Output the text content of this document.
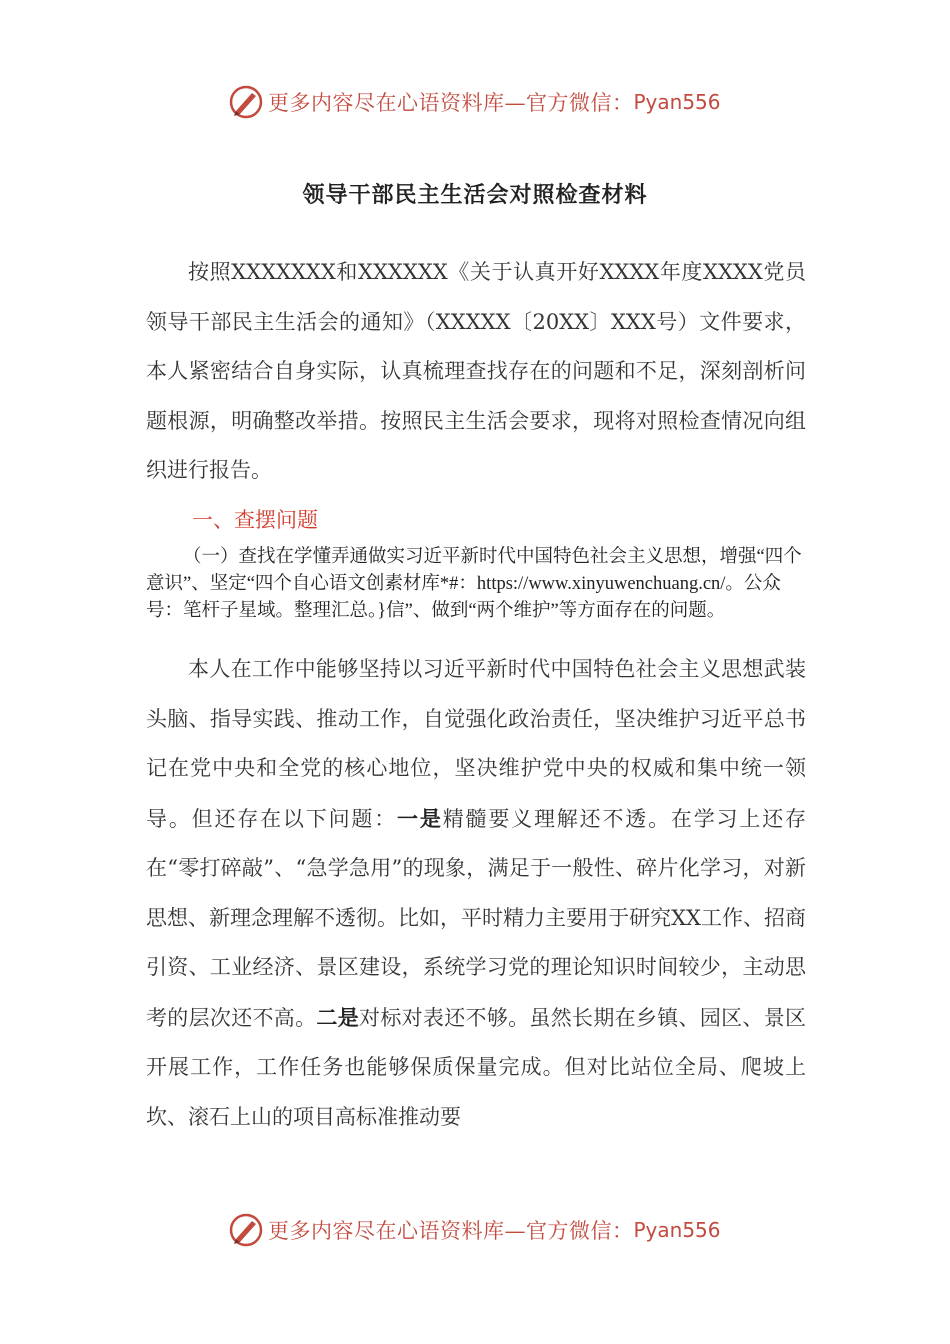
更多内容尽在心语资料库—官方微信： Pyan556
领导干部民主生活会对照检查材料

按照XXXXXXX和XXXXXX《关于认真开好XXXX年度XXXX党员领导干部民主生活会的通知》（XXXXX〔20XX〕XXX号）文件要求，本人紧密结合自身实际，认真梳理查找存在的问题和不足，深刻剖析问题根源，明确整改举措。按照民主生活会要求，现将对照检查情况向组织进行报告。

一、查摆问题

（一）查找在学懂弄通做实习近平新时代中国特色社会主义思想，增强“四个意识”、坚定“四个自心语文创素材库*#：https://www.xinyuwenchuang.cn/。公众号：笔杆子星域。整理汇总。}信”、做到“两个维护”等方面存在的问题。

本人在工作中能够坚持以习近平新时代中国特色社会主义思想武装头脑、指导实践、推动工作，自觉强化政治责任，坚决维护习近平总书记在党中央和全党的核心地位，坚决维护党中央的权威和集中统一领导。但还存在以下问题：一是精髓要义理解还不透。在学习上还存在“零打碎敲”、“急学急用”的现象，满足于一般性、碎片化学习，对新思想、新理念理解不透彻。比如，平时精力主要用于研究XX工作、招商引资、工业经济、景区建设，系统学习党的理论知识时间较少，主动思考的层次还不高。二是对标对表还不够。虽然长期在乡镇、园区、景区开展工作，工作任务也能够保质保量完成。但对比站位全局、爬坡上坎、滚石上山的项目高标准推动要

更多内容尽在心语资料库—官方微信： Pyan556
